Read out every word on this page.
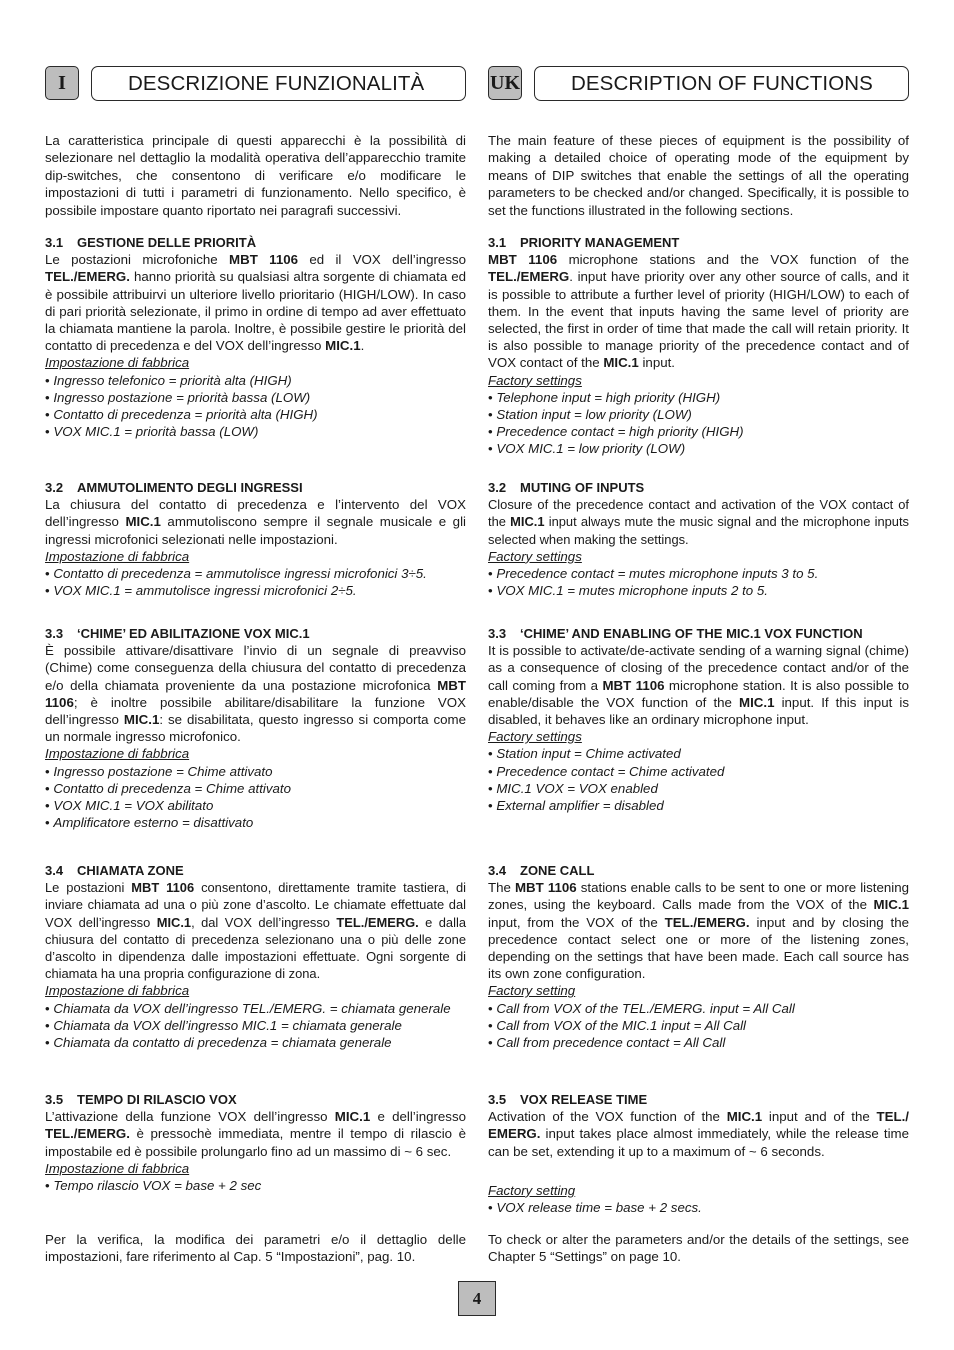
I	DESCRIZIONE FUNZIONALITÀ

La caratteristica principale di questi apparecchi è la possibilità di selezionare nel dettaglio la modalità operativa dell’apparecchio tramite dip-switches, che consentono di verificare e/o modificare le impostazioni di tutti i parametri di funzionamento. Nello specifico, è possibile impostare quanto riportato nei paragrafi successivi.

3.1 GESTIONE DELLE PRIORITÀ

Le postazioni microfoniche MBT 1106 ed il VOX dell’ingresso TEL./EMERG. hanno priorità su qualsiasi altra sorgente di chiamata ed è possibile attribuirvi un ulteriore livello prioritario (HIGH/LOW). In caso di pari priorità selezionate, il primo in ordine di tempo ad aver effettuato la chiamata mantiene la parola. Inoltre, è possibile gestire le priorità del contatto di precedenza e del VOX dell’ingresso MIC.1.

Impostazione di fabbrica

• Ingresso telefonico = priorità alta (HIGH)
• Ingresso postazione = priorità bassa (LOW)
• Contatto di precedenza = priorità alta (HIGH)
• VOX MIC.1 = priorità bassa (LOW)

3.2 AMMUTOLIMENTO DEGLI INGRESSI

La chiusura del contatto di precedenza e l’intervento del VOX dell’ingresso MIC.1 ammutoliscono sempre il segnale musicale e gli ingressi microfonici selezionati nelle impostazioni.

Impostazione di fabbrica

• Contatto di precedenza = ammutolisce ingressi microfonici 3÷5.
• VOX MIC.1 = ammutolisce ingressi microfonici 2÷5.

3.3 ‘CHIME’ ED ABILITAZIONE VOX MIC.1

È possibile attivare/disattivare l’invio di un segnale di preavviso (Chime) come conseguenza della chiusura del contatto di precedenza e/o della chiamata proveniente da una postazione microfonica MBT 1106; è inoltre possibile abilitare/disabilitare la funzione VOX dell’ingresso MIC.1: se disabilitata, questo ingresso si comporta come un normale ingresso microfonico.

Impostazione di fabbrica

• Ingresso postazione = Chime attivato
• Contatto di precedenza = Chime attivato
• VOX MIC.1 = VOX abilitato
• Amplificatore esterno = disattivato

3.4 CHIAMATA ZONE

Le postazioni MBT 1106 consentono, direttamente tramite tastiera, di inviare chiamata ad una o più zone d’ascolto. Le chiamate effettuate dal VOX dell’ingresso MIC.1, dal VOX dell’ingresso TEL./EMERG. e dalla chiusura del contatto di precedenza selezionano una o più delle zone d’ascolto in dipendenza dalle impostazioni effettuate. Ogni sorgente di chiamata ha una propria configurazione di zona.

Impostazione di fabbrica

• Chiamata da VOX dell’ingresso TEL./EMERG. = chiamata generale
• Chiamata da VOX dell’ingresso MIC.1 = chiamata generale
• Chiamata da contatto di precedenza = chiamata generale

3.5 TEMPO DI RILASCIO VOX

L’attivazione della funzione VOX dell’ingresso MIC.1 e dell’ingresso TEL./EMERG. è pressochè immediata, mentre il tempo di rilascio è impostabile ed è possibile prolungarlo fino ad un massimo di ~ 6 sec.

Impostazione di fabbrica

• Tempo rilascio VOX = base + 2 sec

Per la verifica, la modifica dei parametri e/o il dettaglio delle impostazioni, fare riferimento al Cap. 5 “Impostazioni”, pag. 10.

UK	DESCRIPTION OF FUNCTIONS

The main feature of these pieces of equipment is the possibility of making a detailed choice of operating mode of the equipment by means of DIP switches that enable the settings of all the operating parameters to be checked and/or changed. Specifically, it is possible to set the functions illustrated in the following sections.

3.1 PRIORITY MANAGEMENT

MBT 1106 microphone stations and the VOX function of the TEL./EMERG. input have priority over any other source of calls, and it is possible to attribute a further level of priority (HIGH/LOW) to each of them. In the event that inputs having the same level of priority are selected, the first in order of time that made the call will retain priority. It is also possible to manage priority of the precedence contact and of VOX contact of the MIC.1 input.

Factory settings

• Telephone input = high priority (HIGH)
• Station input = low priority (LOW)
• Precedence contact = high priority (HIGH)
• VOX MIC.1 = low priority (LOW)

3.2 MUTING OF INPUTS

Closure of the precedence contact and activation of the VOX contact of the MIC.1 input always mute the music signal and the microphone inputs selected when making the settings.

Factory settings

• Precedence contact = mutes microphone inputs 3 to 5.
• VOX MIC.1 = mutes microphone inputs 2 to 5.

3.3 ‘CHIME’ AND ENABLING OF THE MIC.1 VOX FUNCTION

It is possible to activate/de-activate sending of a warning signal (chime) as a consequence of closing of the precedence contact and/or of the call coming from a MBT 1106 microphone station. It is also possible to enable/disable the VOX function of the MIC.1 input. If this input is disabled, it behaves like an ordinary microphone input.

Factory settings

• Station input = Chime activated
• Precedence contact = Chime activated
• MIC.1 VOX = VOX enabled
• External amplifier = disabled

3.4 ZONE CALL

The MBT 1106 stations enable calls to be sent to one or more listening zones, using the keyboard. Calls made from the VOX of the MIC.1 input, from the VOX of the TEL./EMERG. input and by closing the precedence contact select one or more of the listening zones, depending on the settings that have been made. Each call source has its own zone configuration.

Factory setting

• Call from VOX of the TEL./EMERG. input = All Call
• Call from VOX of the MIC.1 input = All Call
• Call from precedence contact = All Call

3.5 VOX RELEASE TIME

Activation of the VOX function of the MIC.1 input and of the TEL./ EMERG. input takes place almost immediately, while the release time can be set, extending it up to a maximum of ~ 6 seconds.

Factory setting

• VOX release time = base + 2 secs.

To check or alter the parameters and/or the details of the settings, see Chapter 5 “Settings” on page 10.

4
